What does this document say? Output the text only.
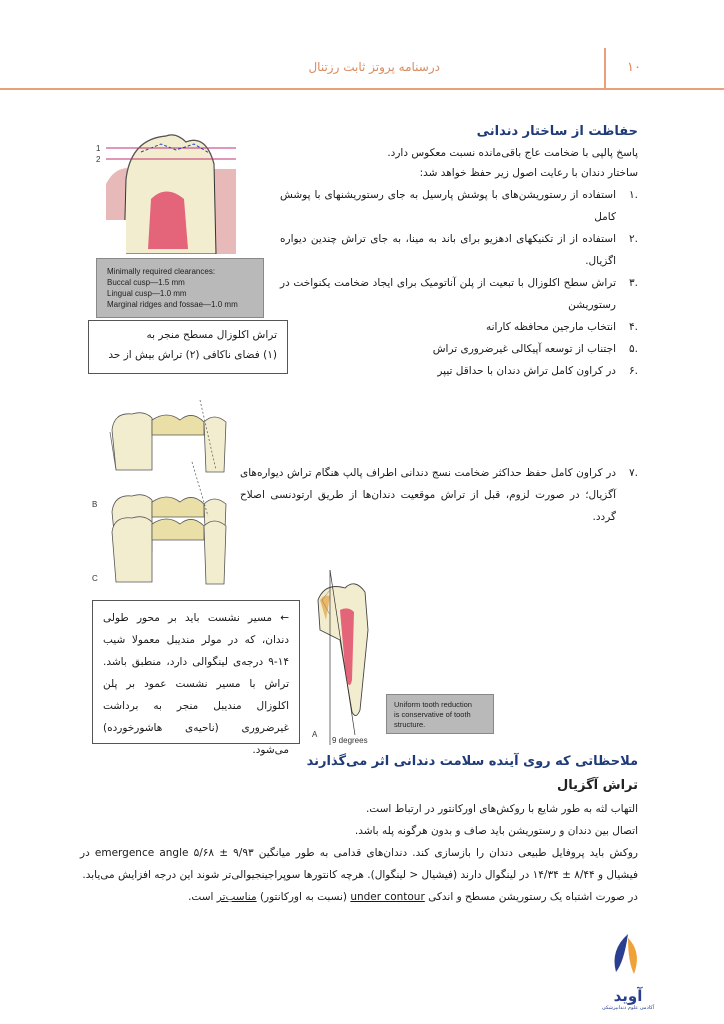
درسنامه پروتز ثابت رزتنال	۱۰
حفاظت از ساختار دندانی
پاسخ پالپی با ضخامت عاج باقی‌مانده نسبت معکوس دارد.
ساختار دندان با رعایت اصول زیر حفظ خواهد شد:
.۱
استفاده از رستوریشن‌های با پوشش پارسیل به جای رستوریشنهای با پوشش کامل
.۲
استفاده از از تکنیکهای ادهزیو برای باند به مینا، به جای تراش چندین دیواره اگزیال.
.۳
تراش سطح اکلوزال با تبعیت از پلن آناتومیک برای ایجاد ضخامت یکنواخت در رستوریشن
.۴
انتخاب مارجین محافظه کارانه
.۵
اجتناب از توسعه آپیکالی غیرضروری تراش
.۶
در کراون کامل تراش دندان با حداقل تیپر
.۷
در کراون کامل حفظ حداکثر ضخامت نسج دندانی اطراف پالپ هنگام تراش دیواره‌های آگزیال؛ در صورت لزوم، قبل از تراش موقعیت دندان‌ها از طریق ارتودنسی اصلاح گردد.
1
2
Minimally required clearances:
Buccal cusp—1.5 mm
Lingual cusp—1.0 mm
Marginal ridges and fossae—1.0 mm
تراش اکلوزال مسطح منجر به
(۱) فضای ناکافی (۲) تراش بیش از حد
B
C
← مسیر نشست باید بر محور طولی دندان، که در مولر مندیبل معمولا شیب ۱۴-۹ درجه‌ی لینگوالی دارد، منطبق باشد. تراش با مسیر نشست عمود بر پلن اکلوزال مندیبل منجر به برداشت غیرضروری (ناحیه‌ی هاشورخورده) می‌شود.
A
9 degrees
Uniform tooth reduction
is conservative of tooth
structure.
ملاحظاتی که روی آینده سلامت دندانی اثر می‌گذارند
تراش آگزیال
التهاب لثه به طور شایع با روکش‌های اورکانتور در ارتباط است.
اتصال بین دندان و رستوریشن باید صاف و بدون هرگونه پله باشد.
روکش باید پروفایل طبیعی دندان را بازسازی کند. دندان‌های قدامی به طور میانگین emergence angle ۵/۶۸ ± ۹/۹۳ در فیشیال و ۸/۴۴ ± ۱۴/۳۴ در لینگوال دارند (فیشیال < لینگوال). هرچه کانتورها سوپراجینجیوالی‌تر شوند این درجه افزایش می‌یابد.
در صورت اشتباه یک رستوریشن مسطح و اندکی under contour (نسبت به اورکانتور) مناسب‌تر است.
آوید
آکادمی علوم دندانپزشکی
